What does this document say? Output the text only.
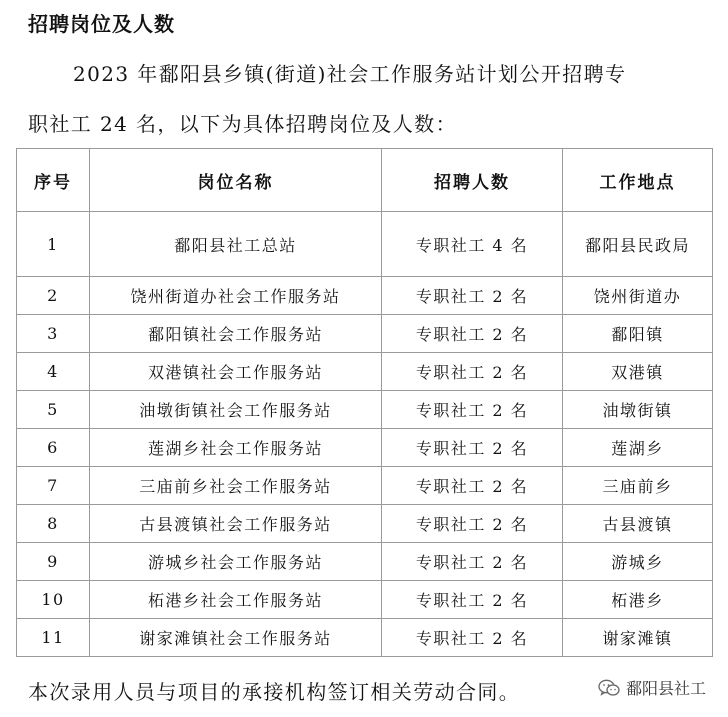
招聘岗位及人数

2023 年鄱阳县乡镇(街道)社会工作服务站计划公开招聘专

职社工 24 名，以下为具体招聘岗位及人数：

序号	岗位名称	招聘人数	工作地点
1	鄱阳县社工总站	专职社工 4 名	鄱阳县民政局
2	饶州街道办社会工作服务站	专职社工 2 名	饶州街道办
3	鄱阳镇社会工作服务站	专职社工 2 名	鄱阳镇
4	双港镇社会工作服务站	专职社工 2 名	双港镇
5	油墩街镇社会工作服务站	专职社工 2 名	油墩街镇
6	莲湖乡社会工作服务站	专职社工 2 名	莲湖乡
7	三庙前乡社会工作服务站	专职社工 2 名	三庙前乡
8	古县渡镇社会工作服务站	专职社工 2 名	古县渡镇
9	游城乡社会工作服务站	专职社工 2 名	游城乡
10	柘港乡社会工作服务站	专职社工 2 名	柘港乡
11	谢家滩镇社会工作服务站	专职社工 2 名	谢家滩镇

本次录用人员与项目的承接机构签订相关劳动合同。	鄱阳县社工
